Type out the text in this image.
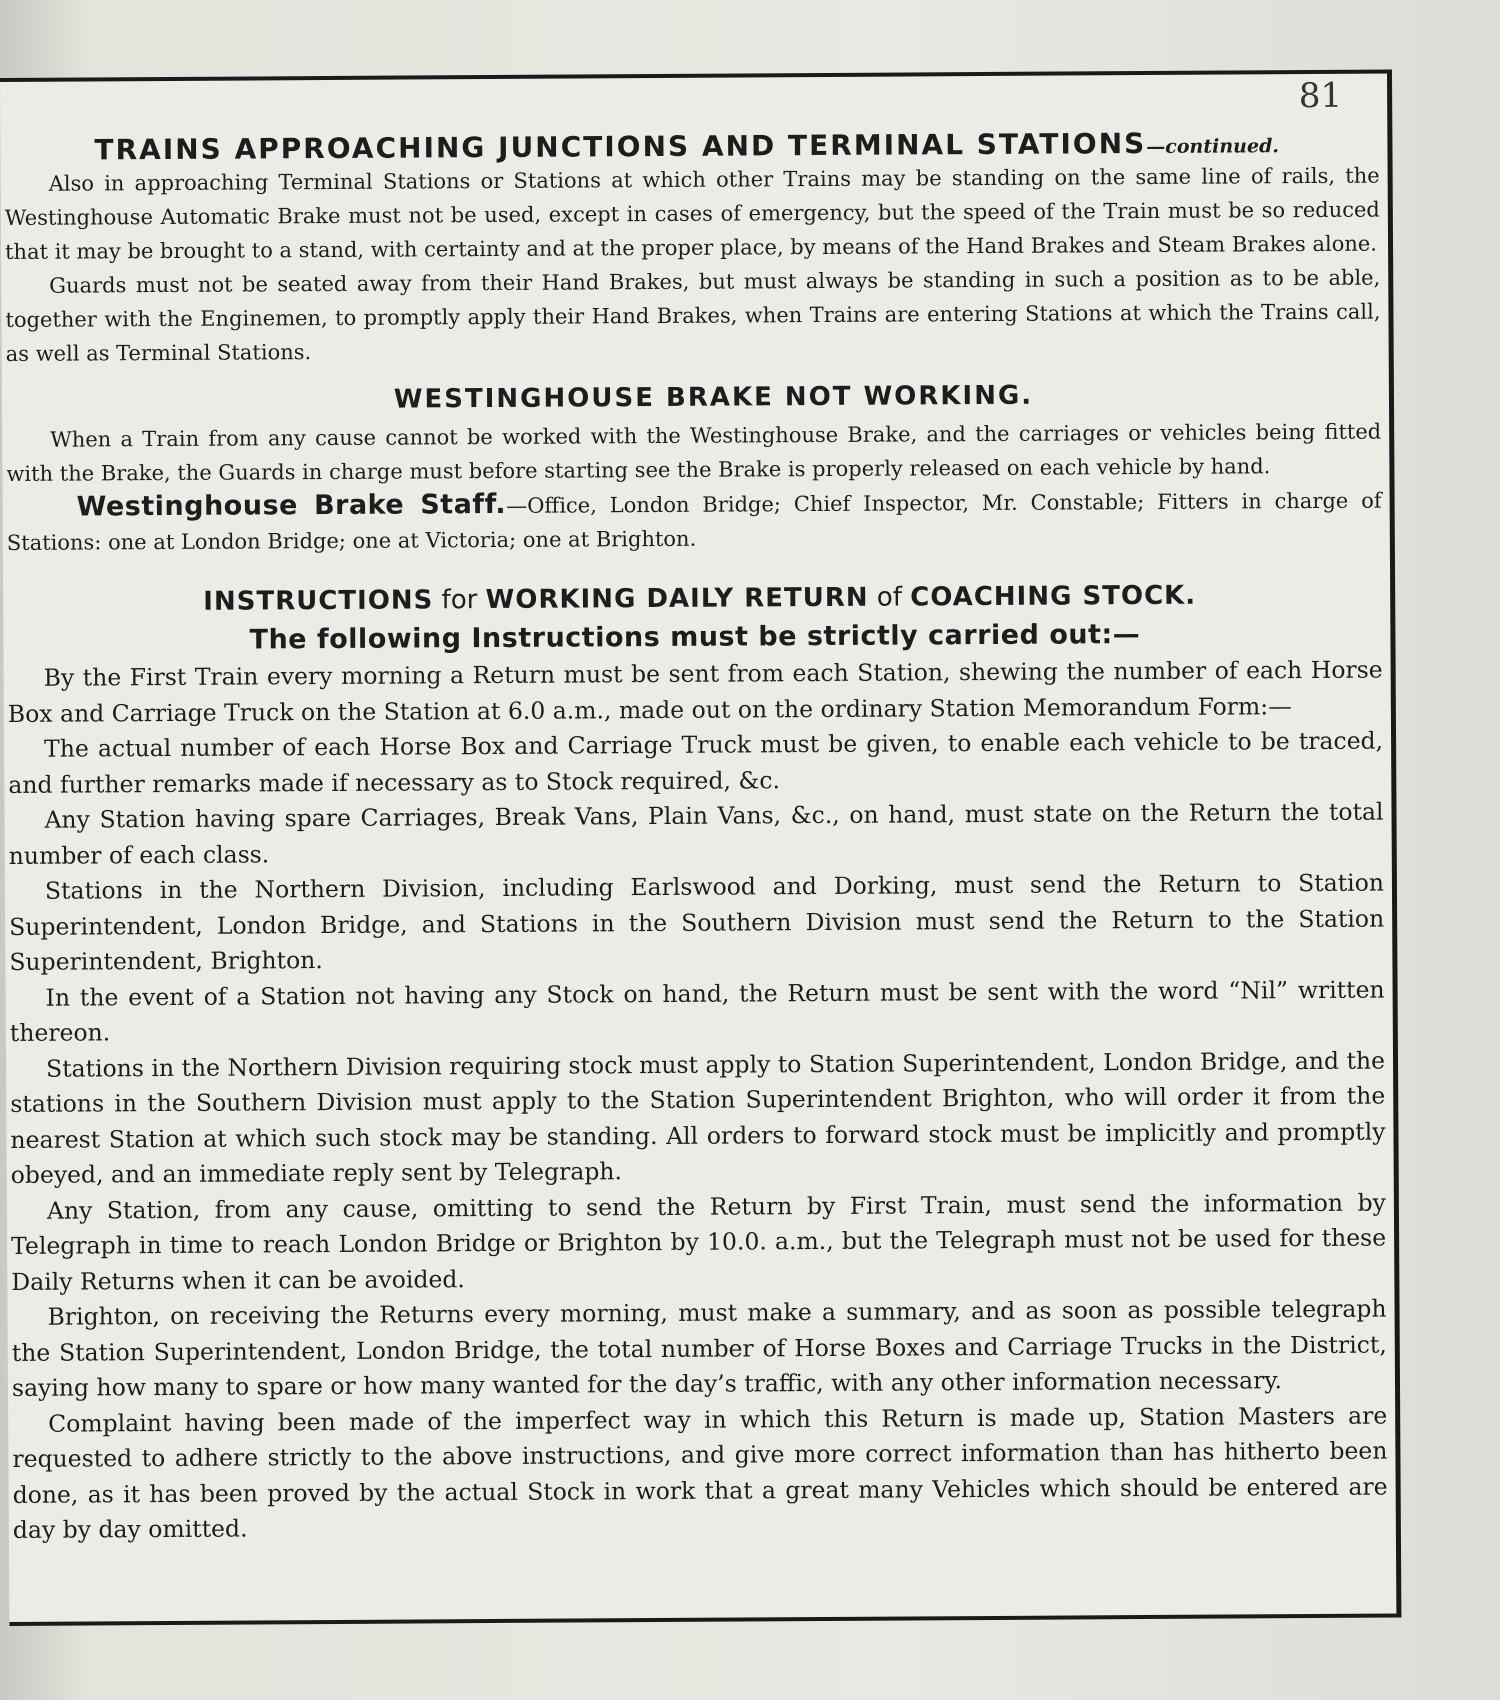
81
TRAINS APPROACHING JUNCTIONS AND TERMINAL STATIONS—continued.

Also in approaching Terminal Stations or Stations at which other Trains may be standing on the same line of rails, the Westinghouse Automatic Brake must not be used, except in cases of emergency, but the speed of the Train must be so reduced that it may be brought to a stand, with certainty and at the proper place, by means of the Hand Brakes and Steam Brakes alone.

Guards must not be seated away from their Hand Brakes, but must always be standing in such a position as to be able, together with the Enginemen, to promptly apply their Hand Brakes, when Trains are entering Stations at which the Trains call, as well as Terminal Stations.

WESTINGHOUSE BRAKE NOT WORKING.

When a Train from any cause cannot be worked with the Westinghouse Brake, and the carriages or vehicles being fitted with the Brake, the Guards in charge must before starting see the Brake is properly released on each vehicle by hand.

Westinghouse Brake Staff.—Office, London Bridge; Chief Inspector, Mr. Constable; Fitters in charge of Stations: one at London Bridge; one at Victoria; one at Brighton.

INSTRUCTIONS for WORKING DAILY RETURN of COACHING STOCK.
The following Instructions must be strictly carried out:—

By the First Train every morning a Return must be sent from each Station, shewing the number of each Horse Box and Carriage Truck on the Station at 6.0 a.m., made out on the ordinary Station Memorandum Form:—

The actual number of each Horse Box and Carriage Truck must be given, to enable each vehicle to be traced, and further remarks made if necessary as to Stock required, &c.

Any Station having spare Carriages, Break Vans, Plain Vans, &c., on hand, must state on the Return the total number of each class.

Stations in the Northern Division, including Earlswood and Dorking, must send the Return to Station Superintendent, London Bridge, and Stations in the Southern Division must send the Return to the Station Superintendent, Brighton.

In the event of a Station not having any Stock on hand, the Return must be sent with the word “Nil” written thereon.

Stations in the Northern Division requiring stock must apply to Station Superintendent, London Bridge, and the stations in the Southern Division must apply to the Station Superintendent Brighton, who will order it from the nearest Station at which such stock may be standing. All orders to forward stock must be implicitly and promptly obeyed, and an immediate reply sent by Telegraph.

Any Station, from any cause, omitting to send the Return by First Train, must send the information by Telegraph in time to reach London Bridge or Brighton by 10.0. a.m., but the Telegraph must not be used for these Daily Returns when it can be avoided.

Brighton, on receiving the Returns every morning, must make a summary, and as soon as possible telegraph the Station Superintendent, London Bridge, the total number of Horse Boxes and Carriage Trucks in the District, saying how many to spare or how many wanted for the day’s traffic, with any other information necessary.

Complaint having been made of the imperfect way in which this Return is made up, Station Masters are requested to adhere strictly to the above instructions, and give more correct information than has hitherto been done, as it has been proved by the actual Stock in work that a great many Vehicles which should be entered are day by day omitted.
